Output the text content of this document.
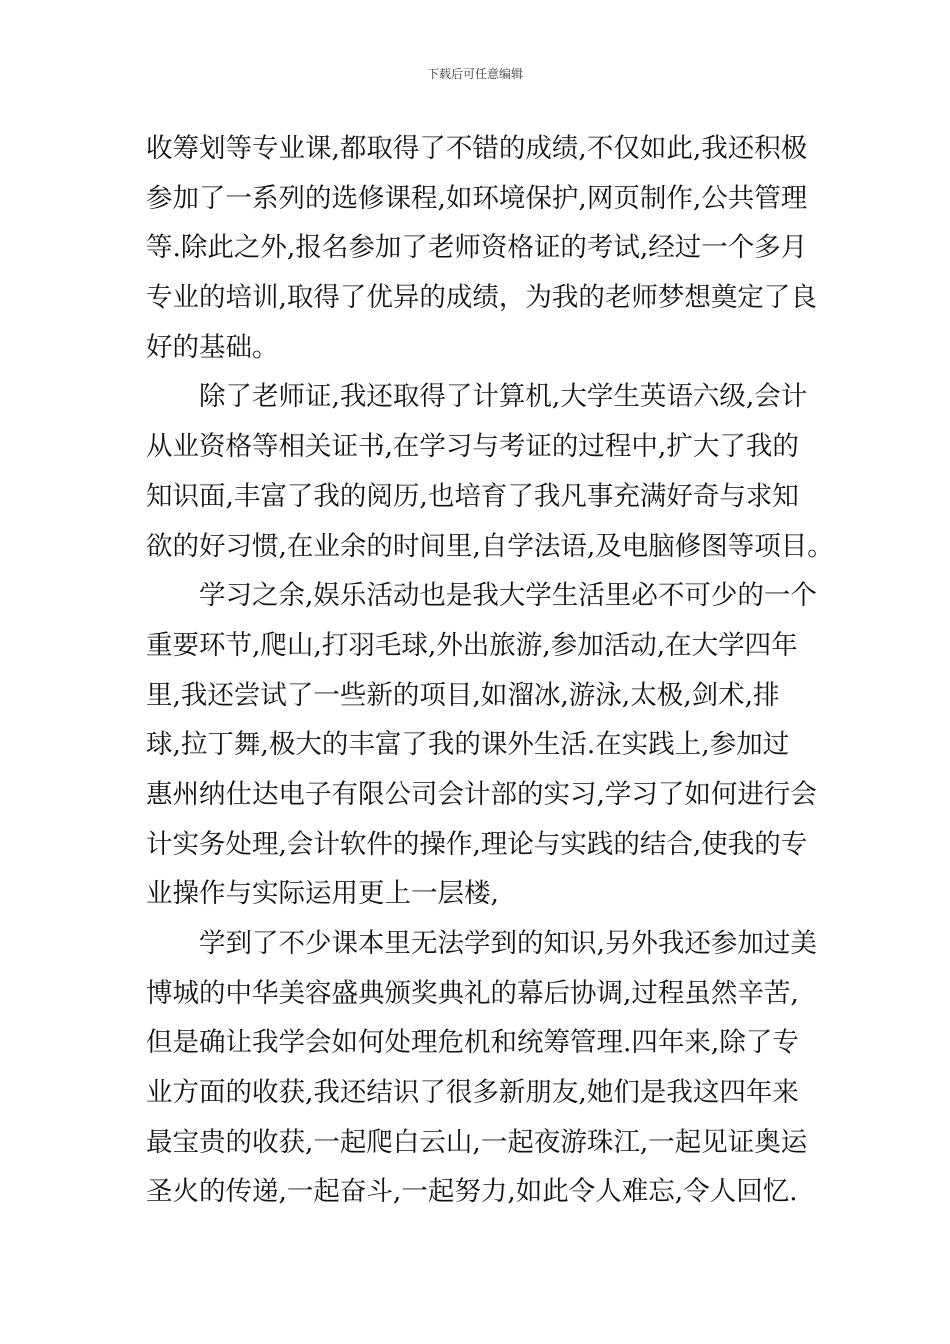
下载后可任意编辑
收筹划等专业课,都取得了不错的成绩,不仅如此,我还积极
参加了一系列的选修课程,如环境保护,网页制作,公共管理
等.除此之外,报名参加了老师资格证的考试,经过一个多月
专业的培训,取得了优异的成绩，为我的老师梦想奠定了良
好的基础。
除了老师证,我还取得了计算机,大学生英语六级,会计
从业资格等相关证书,在学习与考证的过程中,扩大了我的
知识面,丰富了我的阅历,也培育了我凡事充满好奇与求知
欲的好习惯,在业余的时间里,自学法语,及电脑修图等项目。
学习之余,娱乐活动也是我大学生活里必不可少的一个
重要环节,爬山,打羽毛球,外出旅游,参加活动,在大学四年
里,我还尝试了一些新的项目,如溜冰,游泳,太极,剑术,排
球,拉丁舞,极大的丰富了我的课外生活.在实践上,参加过
惠州纳仕达电子有限公司会计部的实习,学习了如何进行会
计实务处理,会计软件的操作,理论与实践的结合,使我的专
业操作与实际运用更上一层楼,
学到了不少课本里无法学到的知识,另外我还参加过美
博城的中华美容盛典颁奖典礼的幕后协调,过程虽然辛苦,
但是确让我学会如何处理危机和统筹管理.四年来,除了专
业方面的收获,我还结识了很多新朋友,她们是我这四年来
最宝贵的收获,一起爬白云山,一起夜游珠江,一起见证奥运
圣火的传递,一起奋斗,一起努力,如此令人难忘,令人回忆.
